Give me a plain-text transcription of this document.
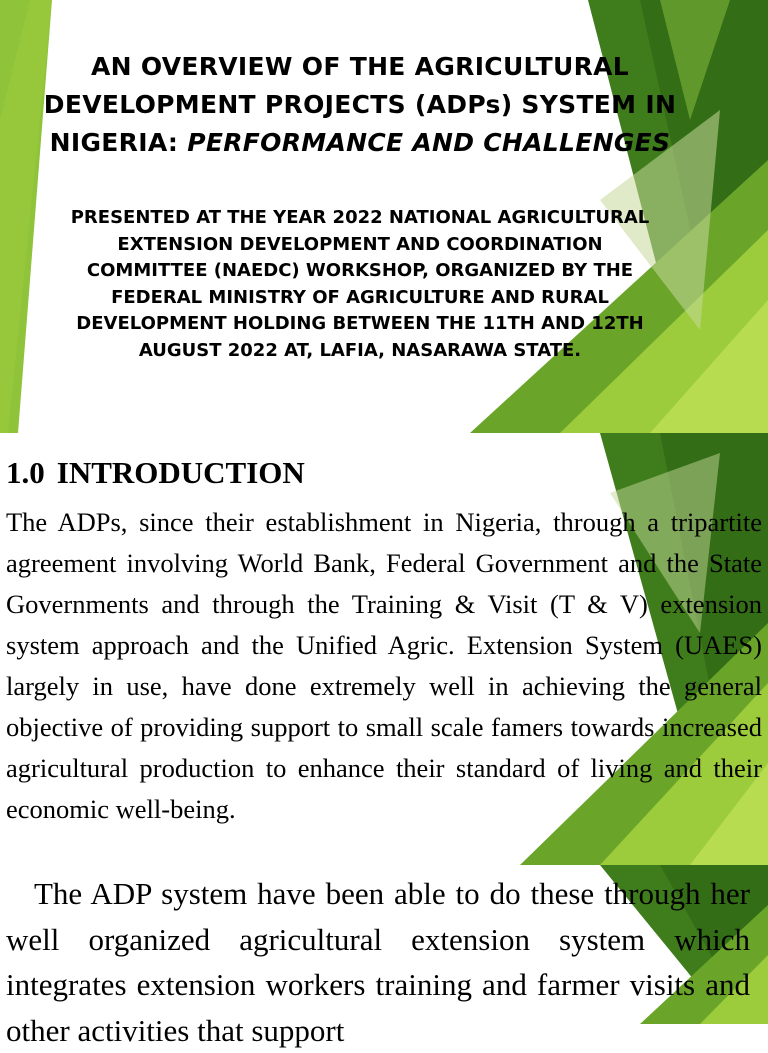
AN OVERVIEW OF THE AGRICULTURAL DEVELOPMENT PROJECTS (ADPs) SYSTEM IN NIGERIA: PERFORMANCE AND CHALLENGES
PRESENTED AT THE YEAR 2022 NATIONAL AGRICULTURAL EXTENSION DEVELOPMENT AND COORDINATION COMMITTEE (NAEDC) WORKSHOP, ORGANIZED BY THE FEDERAL MINISTRY OF AGRICULTURE AND RURAL DEVELOPMENT HOLDING BETWEEN THE 11TH AND 12TH AUGUST 2022 AT, LAFIA, NASARAWA STATE.
1.0 INTRODUCTION
The ADPs, since their establishment in Nigeria, through a tripartite agreement involving World Bank, Federal Government and the State Governments and through the Training & Visit (T & V) extension system approach and the Unified Agric. Extension System (UAES) largely in use, have done extremely well in achieving the general objective of providing support to small scale famers towards increased agricultural production to enhance their standard of living and their economic well-being.
The ADP system have been able to do these through her well organized agricultural extension system which integrates extension workers training and farmer visits and other activities that support
